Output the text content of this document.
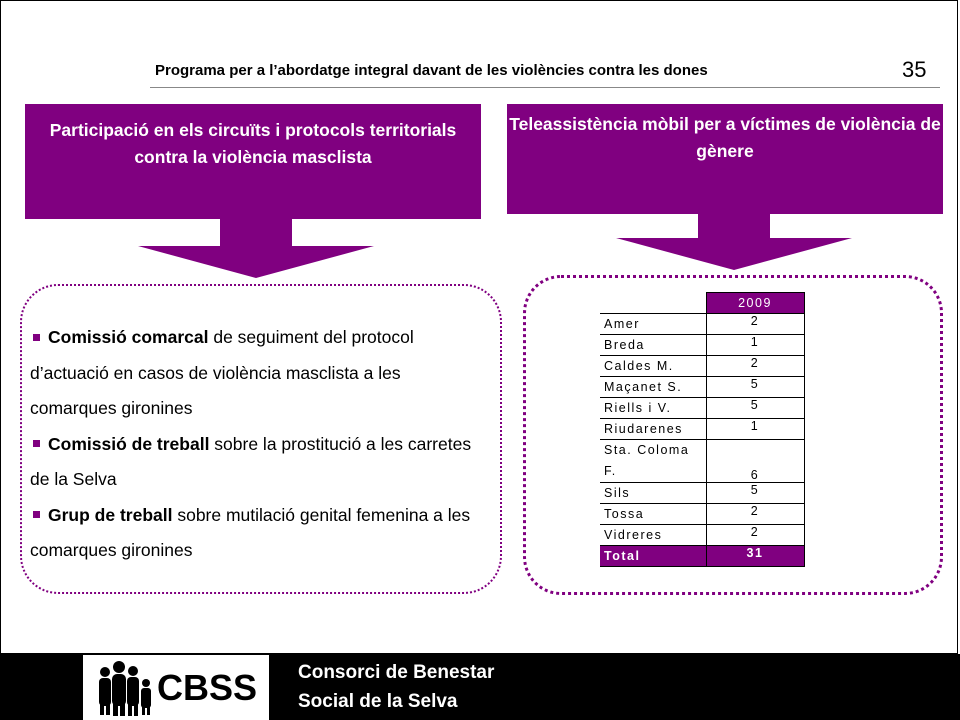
Programa per a l’abordatge integral davant de les violències contra les dones	35
Participació en els circuïts i protocols territorials contra la violència masclista
Teleassistència mòbil per a víctimes de violència de gènere

Comissió comarcal de seguiment del protocol d’actuació en casos de violència masclista a les comarques gironines

Comissió de treball sobre la prostitució a les carretes de la Selva

Grup de treball sobre mutilació genital femenina a les comarques gironines

	2009
Amer	2
Breda	1
Caldes M.	2
Maçanet S.	5
Riells i V.	5
Riudarenes	1
Sta. Coloma
F.	6
Sils	5
Tossa	2
Vidreres	2
Total	31
CBSS Consorci de Benestar
Social de la Selva
